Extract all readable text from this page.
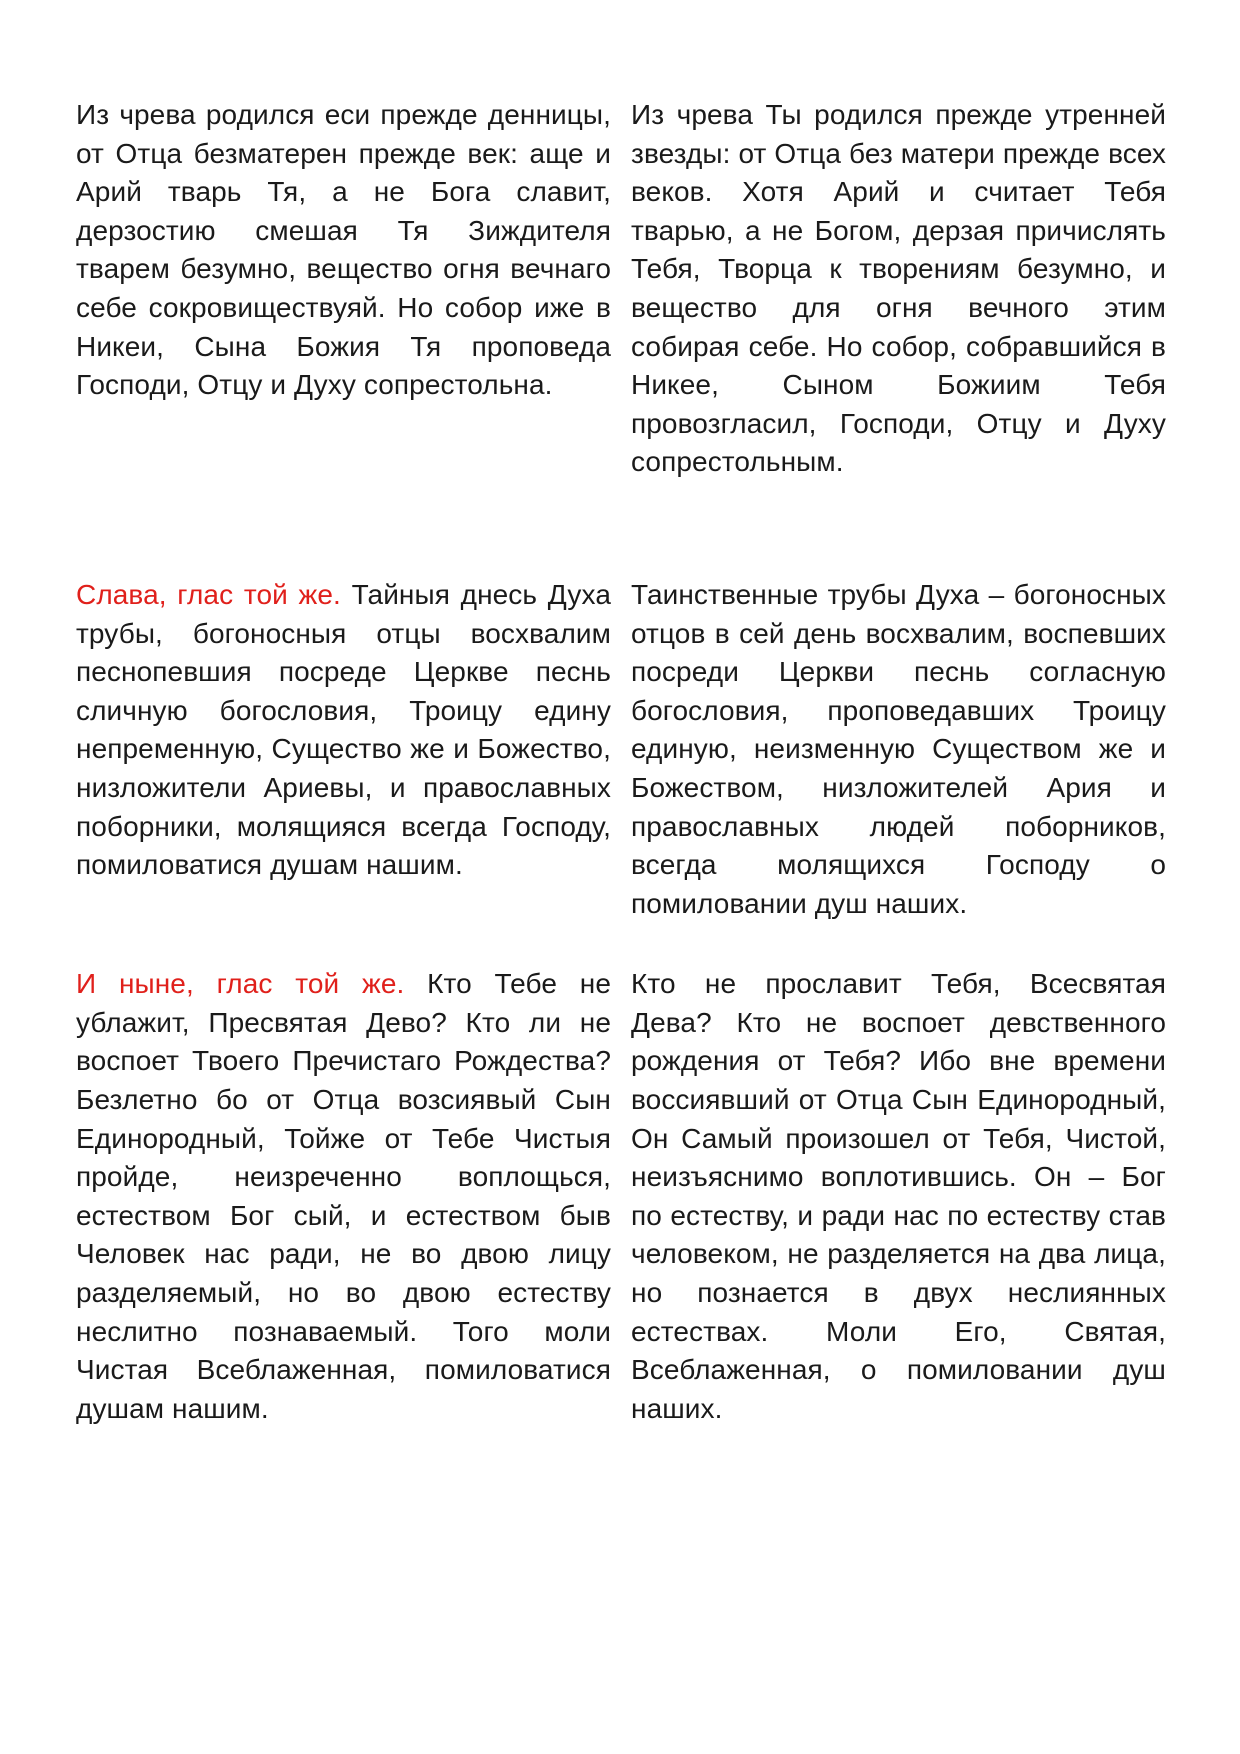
Из чрева родился еси прежде денницы, от Отца безматерен прежде век: аще и Арий тварь Тя, а не Бога славит, дерзостию смешая Тя Зиждителя тварем безумно, вещество огня вечнаго себе сокровиществуяй. Но собор иже в Никеи, Сына Божия Тя проповеда Господи, Отцу и Духу сопрестольна.

Из чрева Ты родился прежде утренней звезды: от Отца без матери прежде всех веков. Хотя Арий и считает Тебя тварью, а не Богом, дерзая причислять Тебя, Творца к творениям безумно, и вещество для огня вечного этим собирая себе. Но собор, собравшийся в Никее, Сыном Божиим Тебя провозгласил, Господи, Отцу и Духу сопрестольным.

Слава, глас той же. Тайныя днесь Духа трубы, богоносныя отцы восхвалим песнопевшия посреде Церкве песнь сличную богословия, Троицу едину непременную, Существо же и Божество, низложители Ариевы, и православных поборники, молящияся всегда Господу, помиловатися душам нашим.

Таинственные трубы Духа – богоносных отцов в сей день восхвалим, воспевших посреди Церкви песнь согласную богословия, проповедавших Троицу единую, неизменную Существом же и Божеством, низложителей Ария и православных людей поборников, всегда молящихся Господу о помиловании душ наших.

И ныне, глас той же. Кто Тебе не ублажит, Пресвятая Дево? Кто ли не воспоет Твоего Пречистаго Рождества? Безлетно бо от Отца возсиявый Сын Единородный, Тойже от Тебе Чистыя пройде, неизреченно воплощься, естеством Бог сый, и естеством быв Человек нас ради, не во двою лицу разделяемый, но во двою естеству неслитно познаваемый. Того моли Чистая Всеблаженная, помиловатися душам нашим.

Кто не прославит Тебя, Всесвятая Дева? Кто не воспоет девственного рождения от Тебя? Ибо вне времени воссиявший от Отца Сын Единородный, Он Самый произошел от Тебя, Чистой, неизъяснимо воплотившись. Он – Бог по естеству, и ради нас по естеству став человеком, не разделяется на два лица, но познается в двух неслиянных естествах. Моли Его, Святая, Всеблаженная, о помиловании душ наших.
